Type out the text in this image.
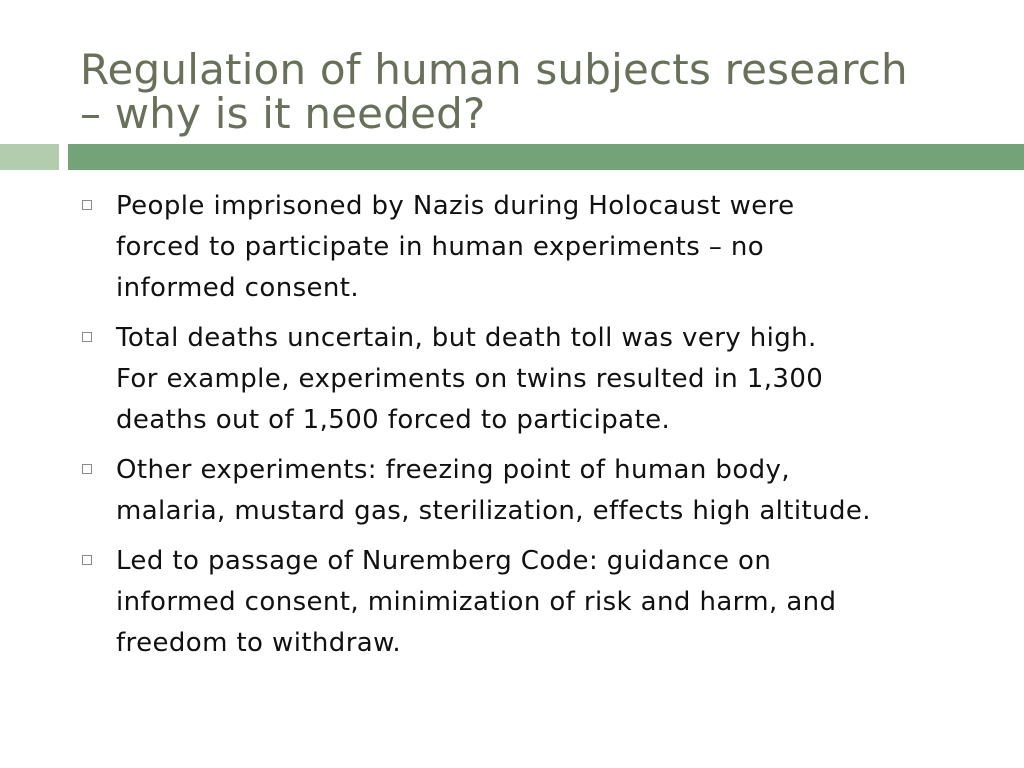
Regulation of human subjects research
– why is it needed?
People imprisoned by Nazis during Holocaust were
forced to participate in human experiments – no
informed consent.
Total deaths uncertain, but death toll was very high.
For example, experiments on twins resulted in 1,300
deaths out of 1,500 forced to participate.
Other experiments: freezing point of human body,
malaria, mustard gas, sterilization, effects high altitude.
Led to passage of Nuremberg Code: guidance on
informed consent, minimization of risk and harm, and
freedom to withdraw.
